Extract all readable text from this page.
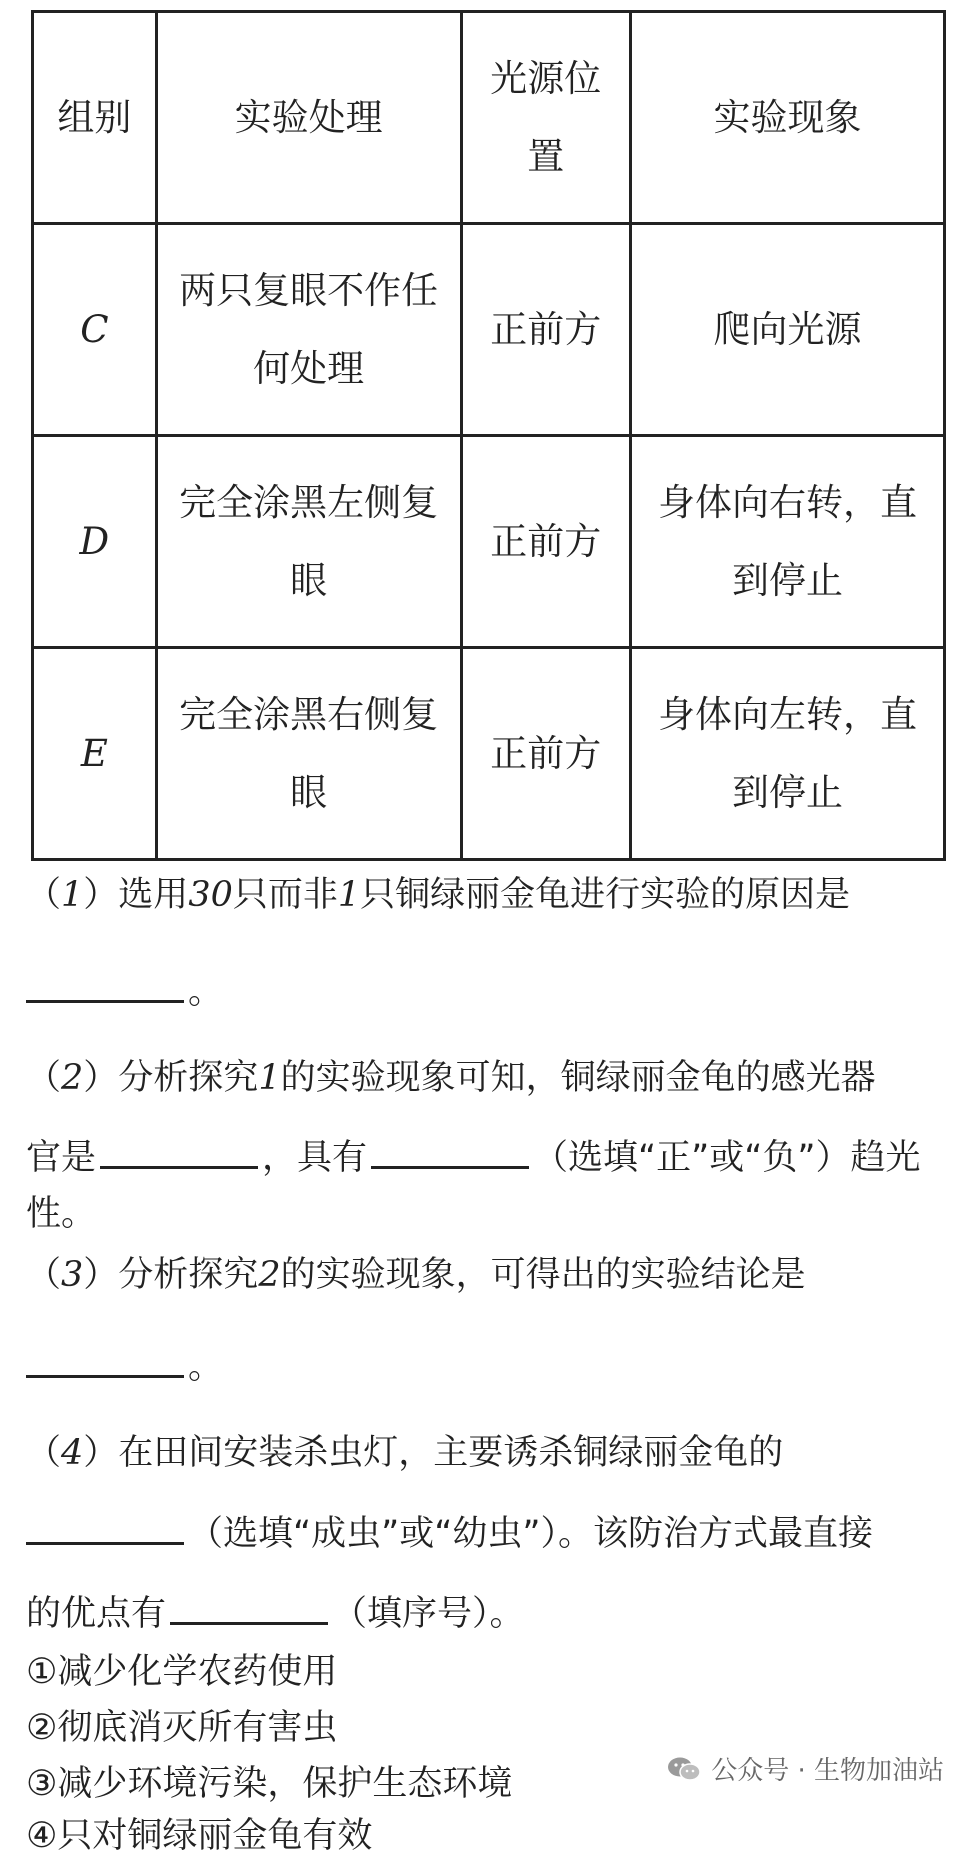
组别	实验处理	光源位置	实验现象
C	两只复眼不作任何处理	正前方	爬向光源
D	完全涂黑左侧复眼	正前方	身体向右转，直到停止
E	完全涂黑右侧复眼	正前方	身体向左转，直到停止
（1）选用30只而非1只铜绿丽金龟进行实验的原因是
。
（2）分析探究1的实验现象可知，铜绿丽金龟的感光器
官是	，具有	（选填“正”或“负”）趋光
性。
（3）分析探究2的实验现象，可得出的实验结论是
。
（4）在田间安装杀虫灯，主要诱杀铜绿丽金龟的
（选填“成虫”或“幼虫”）。该防治方式最直接
的优点有	（填序号）。
①减少化学农药使用
②彻底消灭所有害虫
③减少环境污染，保护生态环境
④只对铜绿丽金龟有效
公众号 · 生物加油站
